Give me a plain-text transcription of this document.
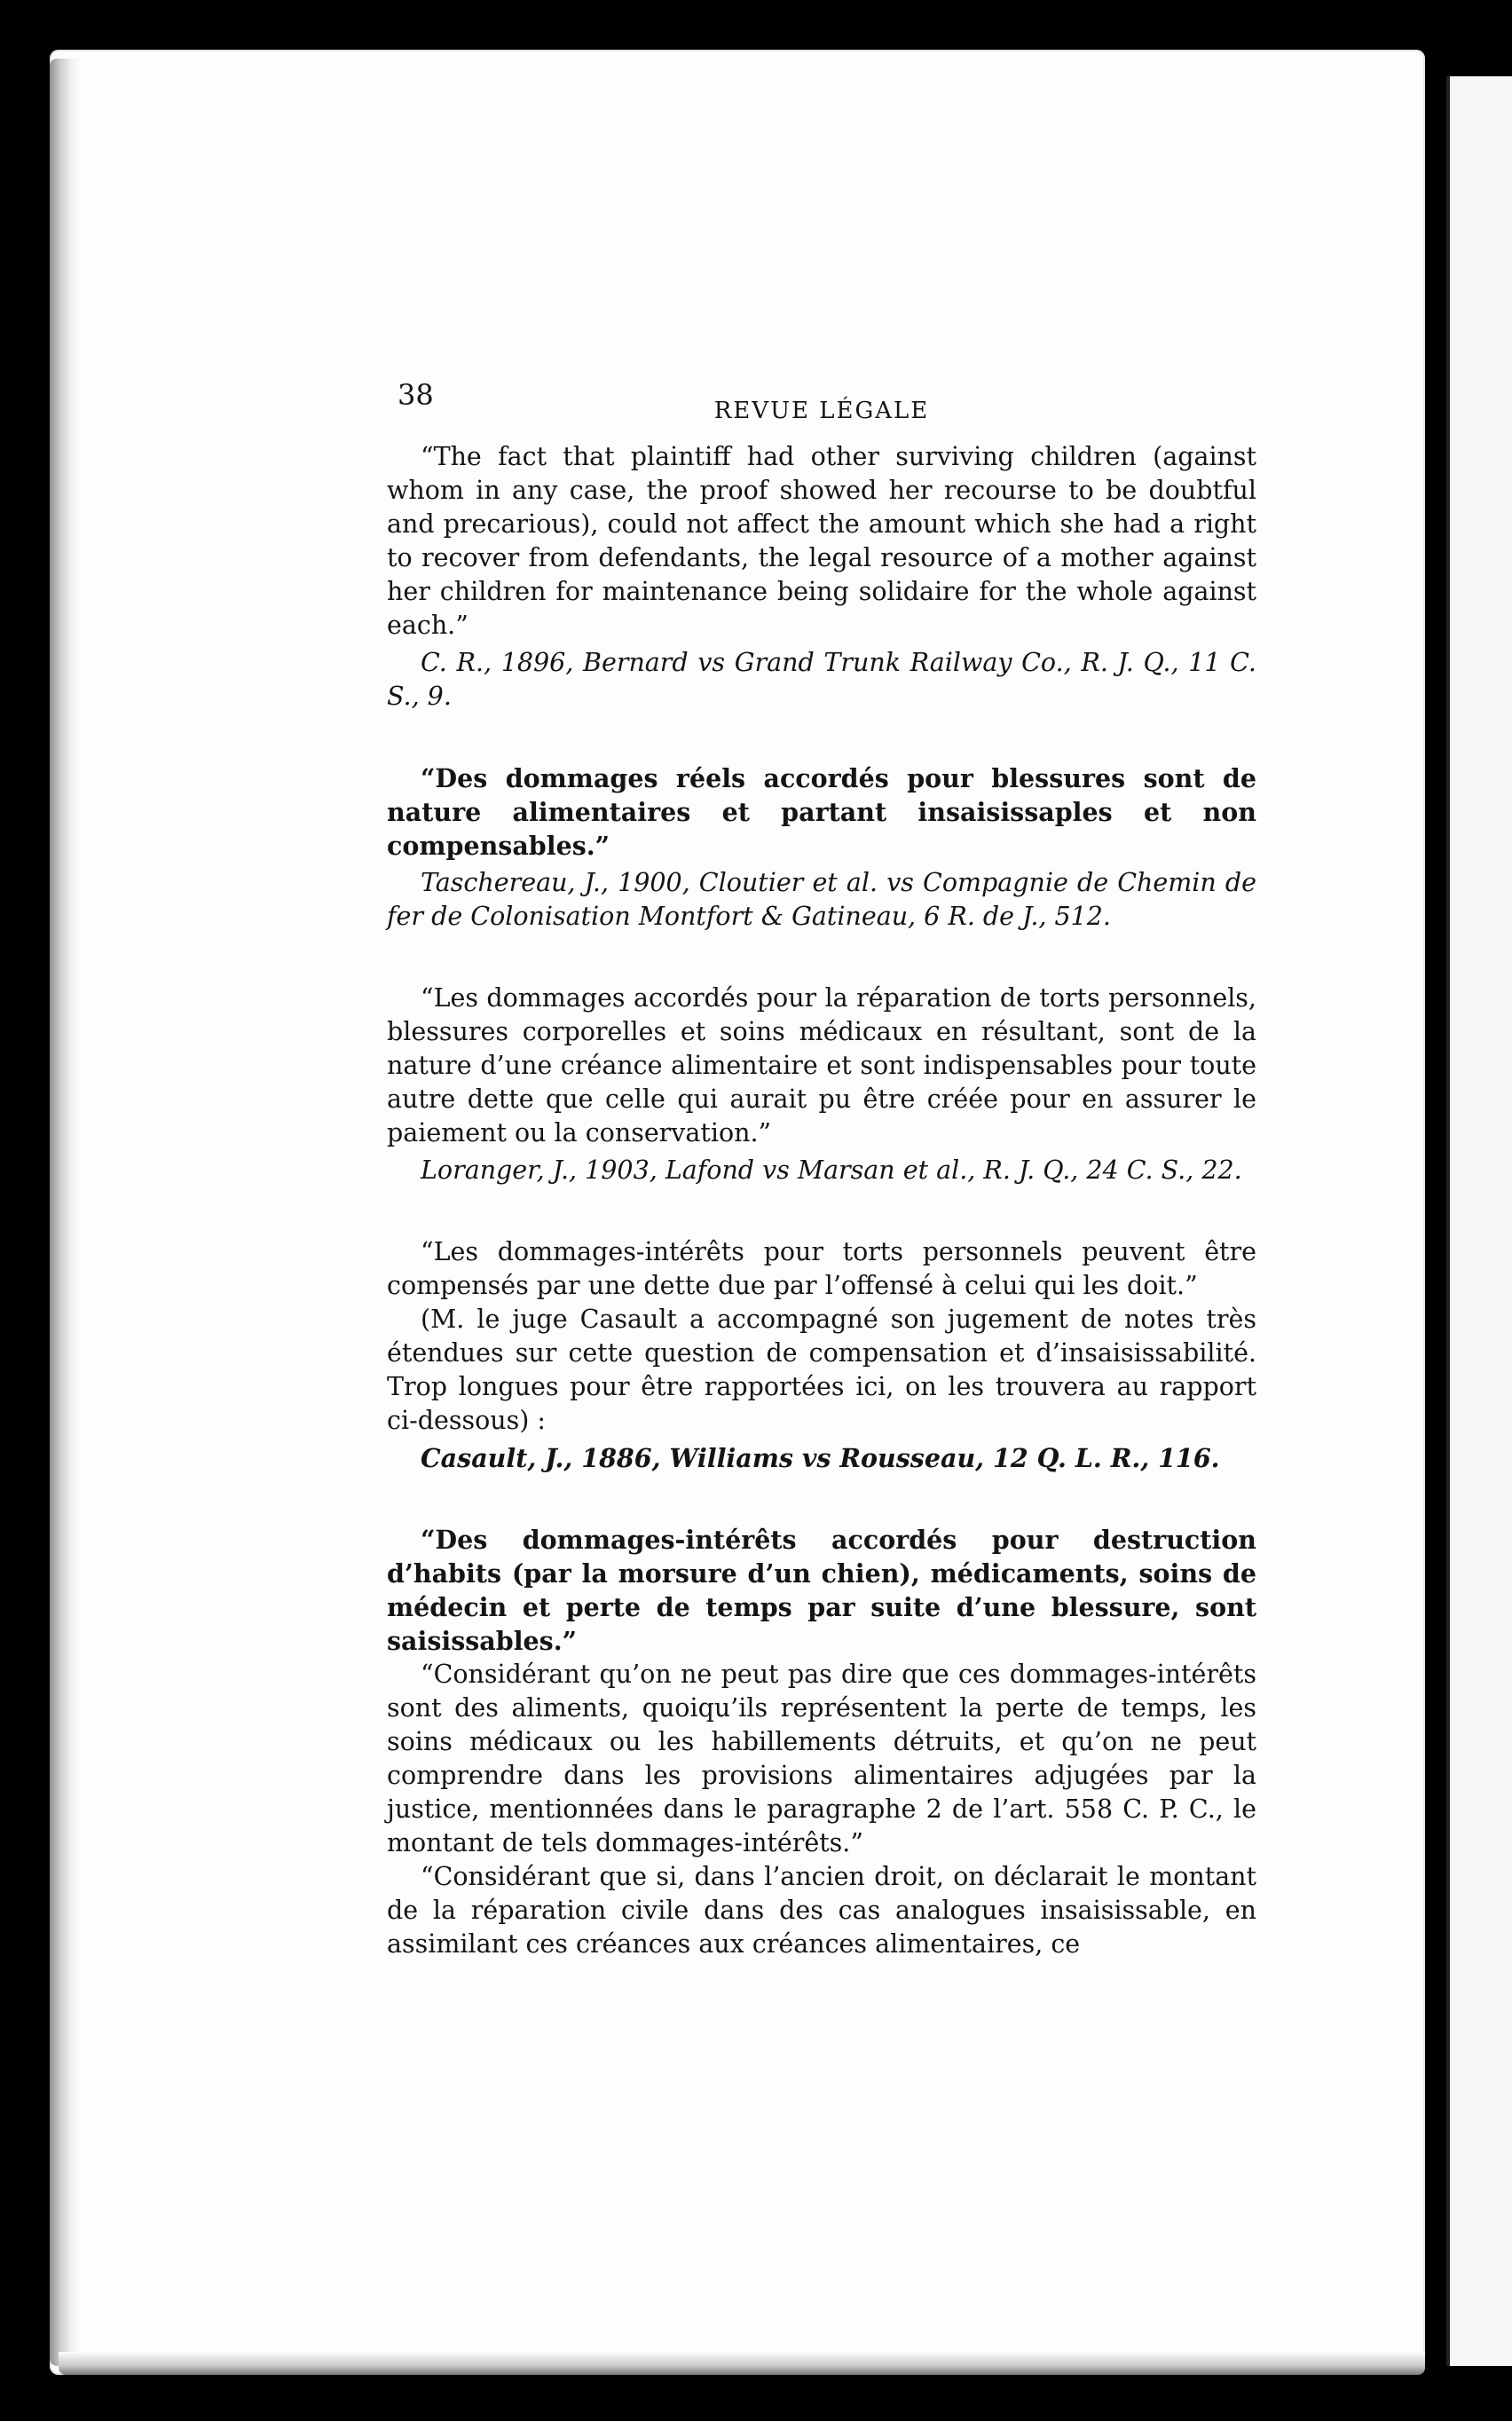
38	REVUE LÉGALE

“The fact that plaintiff had other surviving children (against whom in any case, the proof showed her recourse to be doubtful and precarious), could not affect the amount which she had a right to recover from defendants, the legal resource of a mother against her children for maintenance being solidaire for the whole against each.”

C. R., 1896, Bernard vs Grand Trunk Railway Co., R. J. Q., 11 C. S., 9.

“Des dommages réels accordés pour blessures sont de nature alimentaires et partant insaisissaples et non compensables.”

Taschereau, J., 1900, Cloutier et al. vs Compagnie de Chemin de fer de Colonisation Montfort & Gatineau, 6 R. de J., 512.

“Les dommages accordés pour la réparation de torts personnels, blessures corporelles et soins médicaux en résultant, sont de la nature d’une créance alimentaire et sont indispensables pour toute autre dette que celle qui aurait pu être créée pour en assurer le paiement ou la conservation.”

Loranger, J., 1903, Lafond vs Marsan et al., R. J. Q., 24 C. S., 22.

“Les dommages-intérêts pour torts personnels peuvent être compensés par une dette due par l’offensé à celui qui les doit.”

(M. le juge Casault a accompagné son jugement de notes très étendues sur cette question de compensation et d’insaisissabilité. Trop longues pour être rapportées ici, on les trouvera au rapport ci-dessous) :

Casault, J., 1886, Williams vs Rousseau, 12 Q. L. R., 116.

“Des dommages-intérêts accordés pour destruction d’habits (par la morsure d’un chien), médicaments, soins de médecin et perte de temps par suite d’une blessure, sont saisissables.”

“Considérant qu’on ne peut pas dire que ces dommages-intérêts sont des aliments, quoiqu’ils représentent la perte de temps, les soins médicaux ou les habillements détruits, et qu’on ne peut comprendre dans les provisions alimentaires adjugées par la justice, mentionnées dans le paragraphe 2 de l’art. 558 C. P. C., le montant de tels dommages-intérêts.”

“Considérant que si, dans l’ancien droit, on déclarait le montant de la réparation civile dans des cas analogues insaisissable, en assimilant ces créances aux créances alimentaires, ce
